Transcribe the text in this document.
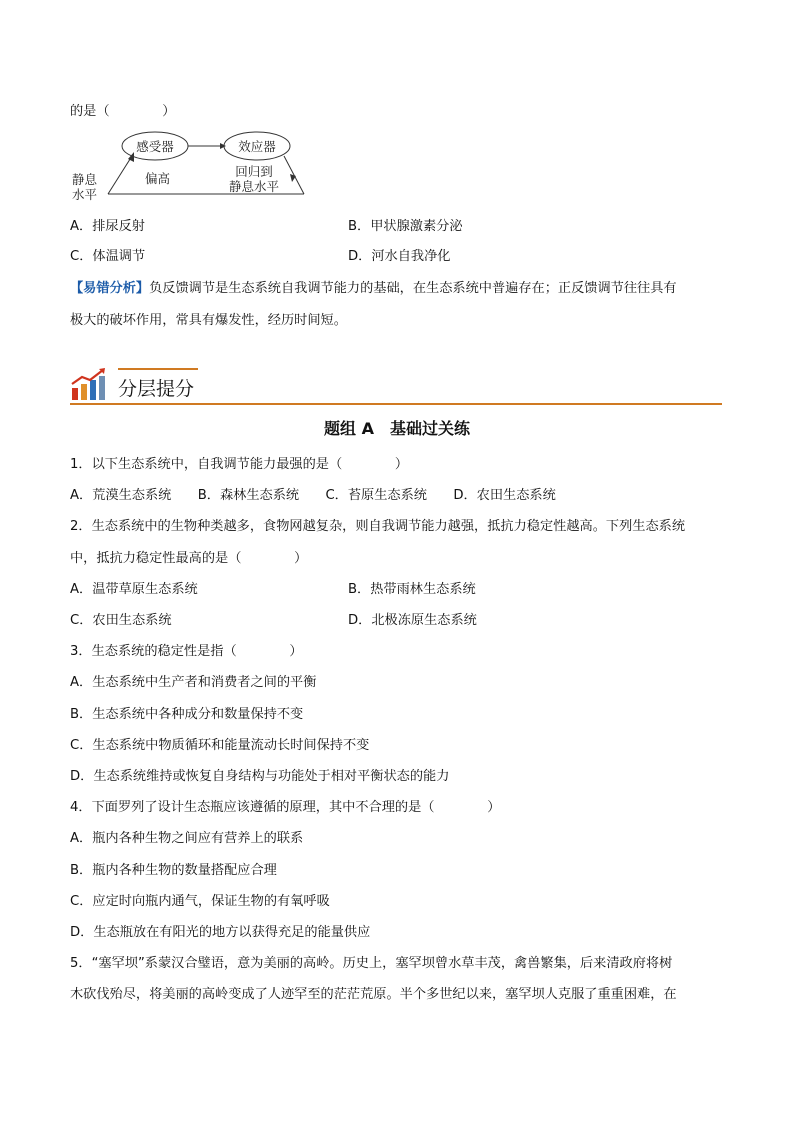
的是（　　　　）
感受器	效应器
静息
水平
偏高	回归到
静息水平
A．排尿反射	B．甲状腺激素分泌
C．体温调节	D．河水自我净化
【易错分析】负反馈调节是生态系统自我调节能力的基础，在生态系统中普遍存在；正反馈调节往往具有
极大的破坏作用，常具有爆发性，经历时间短。
分层提分
题组 A　基础过关练
1．以下生态系统中，自我调节能力最强的是（　　　　）
A．荒漠生态系统　　B．森林生态系统　　C．苔原生态系统　　D．农田生态系统
2．生态系统中的生物种类越多，食物网越复杂，则自我调节能力越强，抵抗力稳定性越高。下列生态系统
中，抵抗力稳定性最高的是（　　　　）
A．温带草原生态系统	B．热带雨林生态系统
C．农田生态系统	D．北极冻原生态系统
3．生态系统的稳定性是指（　　　　）
A．生态系统中生产者和消费者之间的平衡
B．生态系统中各种成分和数量保持不变
C．生态系统中物质循环和能量流动长时间保持不变
D．生态系统维持或恢复自身结构与功能处于相对平衡状态的能力
4．下面罗列了设计生态瓶应该遵循的原理，其中不合理的是（　　　　）
A．瓶内各种生物之间应有营养上的联系
B．瓶内各种生物的数量搭配应合理
C．应定时向瓶内通气，保证生物的有氧呼吸
D．生态瓶放在有阳光的地方以获得充足的能量供应
5．“塞罕坝”系蒙汉合璧语，意为美丽的高岭。历史上，塞罕坝曾水草丰茂，禽兽繁集，后来清政府将树
木砍伐殆尽，将美丽的高岭变成了人迹罕至的茫茫荒原。半个多世纪以来，塞罕坝人克服了重重困难，在
